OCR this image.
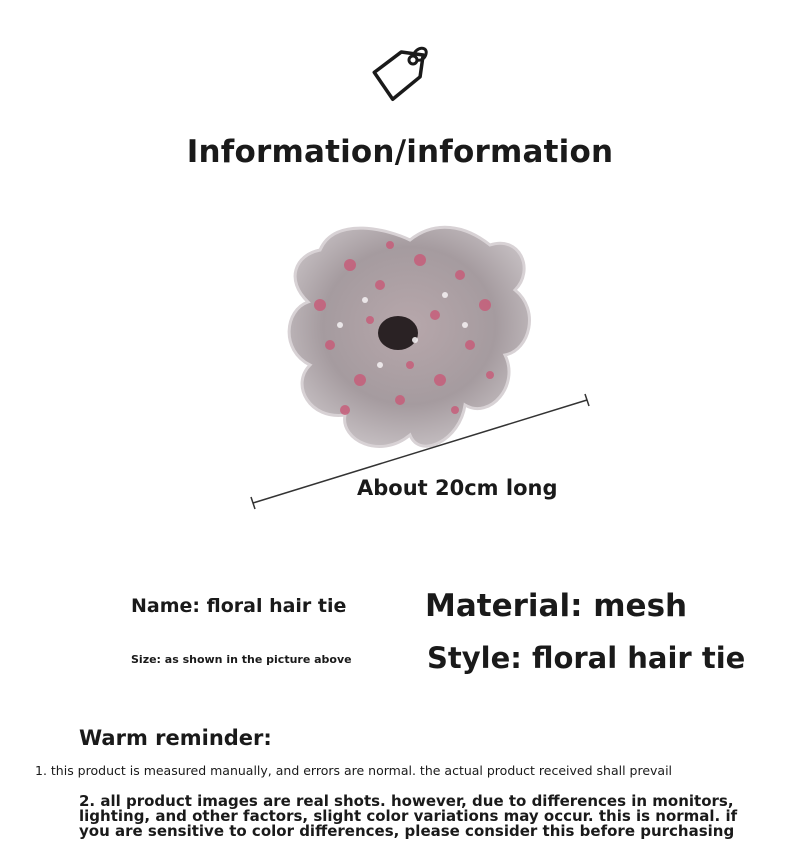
Information/information
About 20cm long
Name: floral hair tie	Material: mesh
Size: as shown in the picture above	Style: floral hair tie
Warm reminder:
1. this product is measured manually, and errors are normal. the actual product received shall prevail
2. all product images are real shots. however, due to differences in monitors, lighting, and other factors, slight color variations may occur. this is normal. if you are sensitive to color differences, please consider this before purchasing
